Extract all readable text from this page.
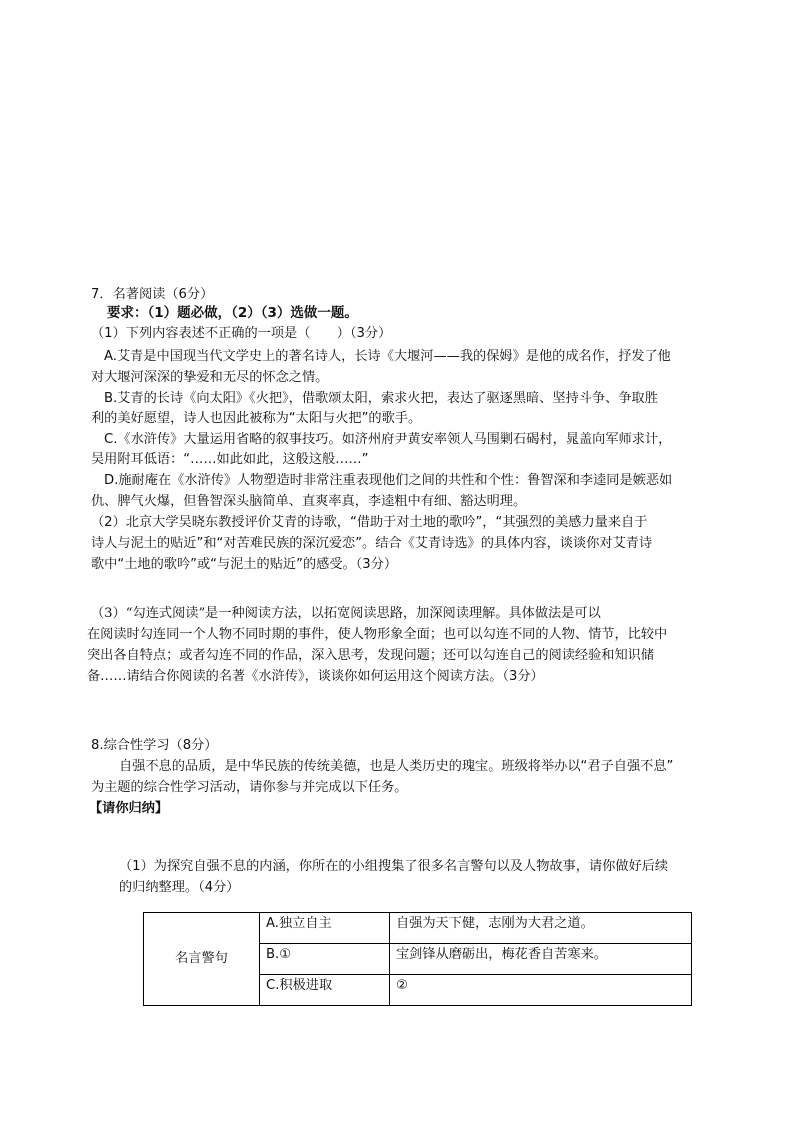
7．名著阅读（6分）
要求：（1）题必做，（2）（3）选做一题。
（1）下列内容表述不正确的一项是（　　）（3分）
A.艾青是中国现当代文学史上的著名诗人，长诗《大堰河——我的保姆》是他的成名作，抒发了他
对大堰河深深的挚爱和无尽的怀念之情。
B.艾青的长诗《向太阳》《火把》，借歌颂太阳，索求火把，表达了驱逐黑暗、坚持斗争、争取胜
利的美好愿望，诗人也因此被称为“太阳与火把”的歌手。
C.《水浒传》大量运用省略的叙事技巧。如济州府尹黄安率领人马围剿石碣村，晁盖向军师求计，
吴用附耳低语：“……如此如此，这般这般……”
D.施耐庵在《水浒传》人物塑造时非常注重表现他们之间的共性和个性：鲁智深和李逵同是嫉恶如
仇、脾气火爆，但鲁智深头脑简单、直爽率真，李逵粗中有细、豁达明理。
（2）北京大学吴晓东教授评价艾青的诗歌，“借助于对土地的歌吟”，“其强烈的美感力量来自于
诗人与泥土的贴近”和“对苦难民族的深沉爱恋”。结合《艾青诗选》的具体内容，谈谈你对艾青诗
歌中“土地的歌吟”或“与泥土的贴近”的感受。（3分）
（3）“勾连式阅读”是一种阅读方法，以拓宽阅读思路，加深阅读理解。具体做法是可以
在阅读时勾连同一个人物不同时期的事件，使人物形象全面；也可以勾连不同的人物、情节，比较中
突出各自特点；或者勾连不同的作品，深入思考，发现问题；还可以勾连自己的阅读经验和知识储
备……请结合你阅读的名著《水浒传》，谈谈你如何运用这个阅读方法。（3分）
8.综合性学习（8分）
自强不息的品质，是中华民族的传统美德，也是人类历史的瑰宝。班级将举办以“君子自强不息”
为主题的综合性学习活动，请你参与并完成以下任务。
【请你归纳】
（1）为探究自强不息的内涵，你所在的小组搜集了很多名言警句以及人物故事，请你做好后续
的归纳整理。（4分）
名言警句	A.独立自主	自强为天下健，志刚为大君之道。
	B.①	宝剑锋从磨砺出，梅花香自苦寒来。
	C.积极进取	②
